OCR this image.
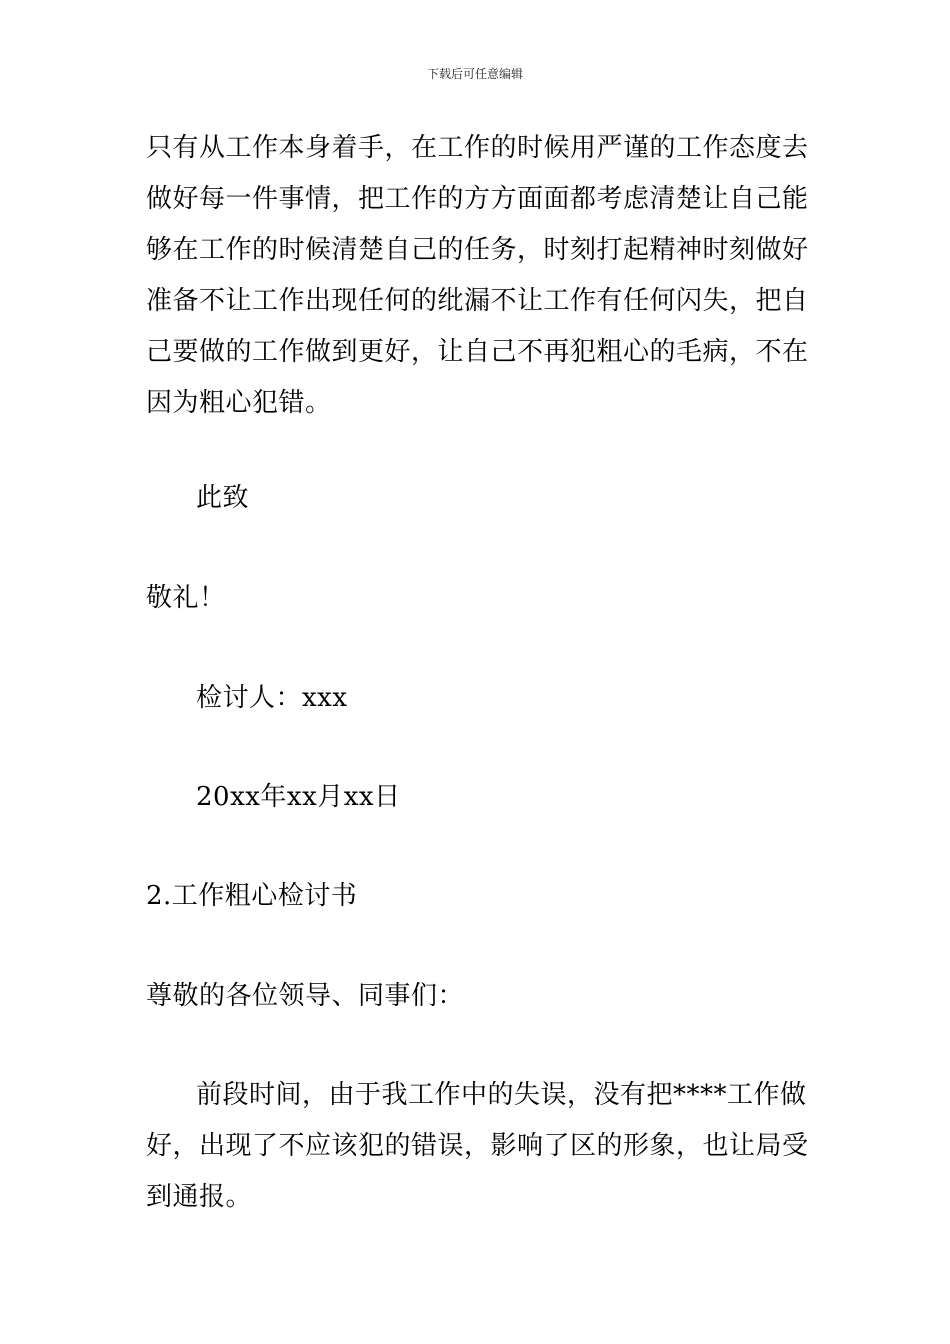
下载后可任意编辑
只有从工作本身着手，在工作的时候用严谨的工作态度去
做好每一件事情，把工作的方方面面都考虑清楚让自己能
够在工作的时候清楚自己的任务，时刻打起精神时刻做好
准备不让工作出现任何的纰漏不让工作有任何闪失，把自
己要做的工作做到更好，让自己不再犯粗心的毛病，不在
因为粗心犯错。
此致
敬礼！
检讨人：xxx
20xx年xx月xx日
2.工作粗心检讨书
尊敬的各位领导、同事们：
前段时间，由于我工作中的失误，没有把****工作做
好，出现了不应该犯的错误，影响了区的形象，也让局受
到通报。
